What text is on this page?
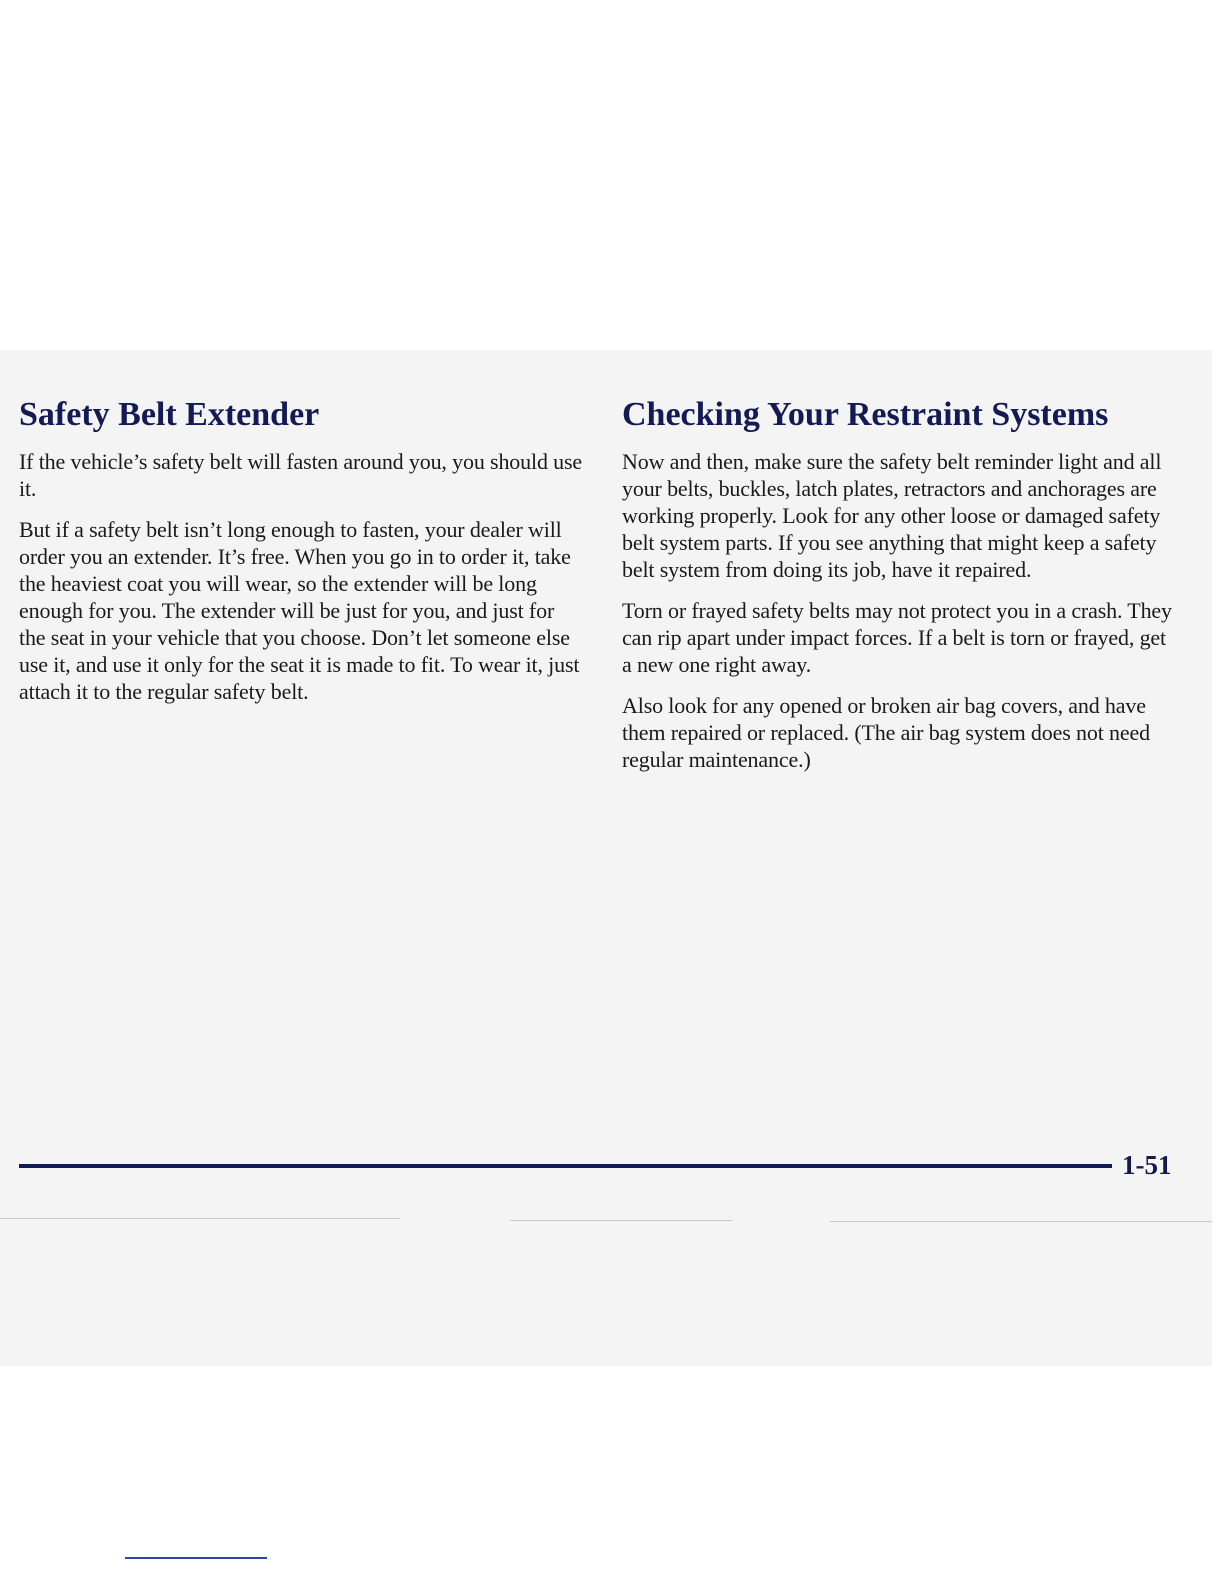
Safety Belt Extender

If the vehicle’s safety belt will fasten around you, you should use it.

But if a safety belt isn’t long enough to fasten, your dealer will order you an extender. It’s free. When you go in to order it, take the heaviest coat you will wear, so the extender will be long enough for you. The extender will be just for you, and just for the seat in your vehicle that you choose. Don’t let someone else use it, and use it only for the seat it is made to fit. To wear it, just attach it to the regular safety belt.

Checking Your Restraint Systems

Now and then, make sure the safety belt reminder light and all your belts, buckles, latch plates, retractors and anchorages are working properly. Look for any other loose or damaged safety belt system parts. If you see anything that might keep a safety belt system from doing its job, have it repaired.

Torn or frayed safety belts may not protect you in a crash. They can rip apart under impact forces. If a belt is torn or frayed, get a new one right away.

Also look for any opened or broken air bag covers, and have them repaired or replaced. (The air bag system does not need regular maintenance.)

1-51
